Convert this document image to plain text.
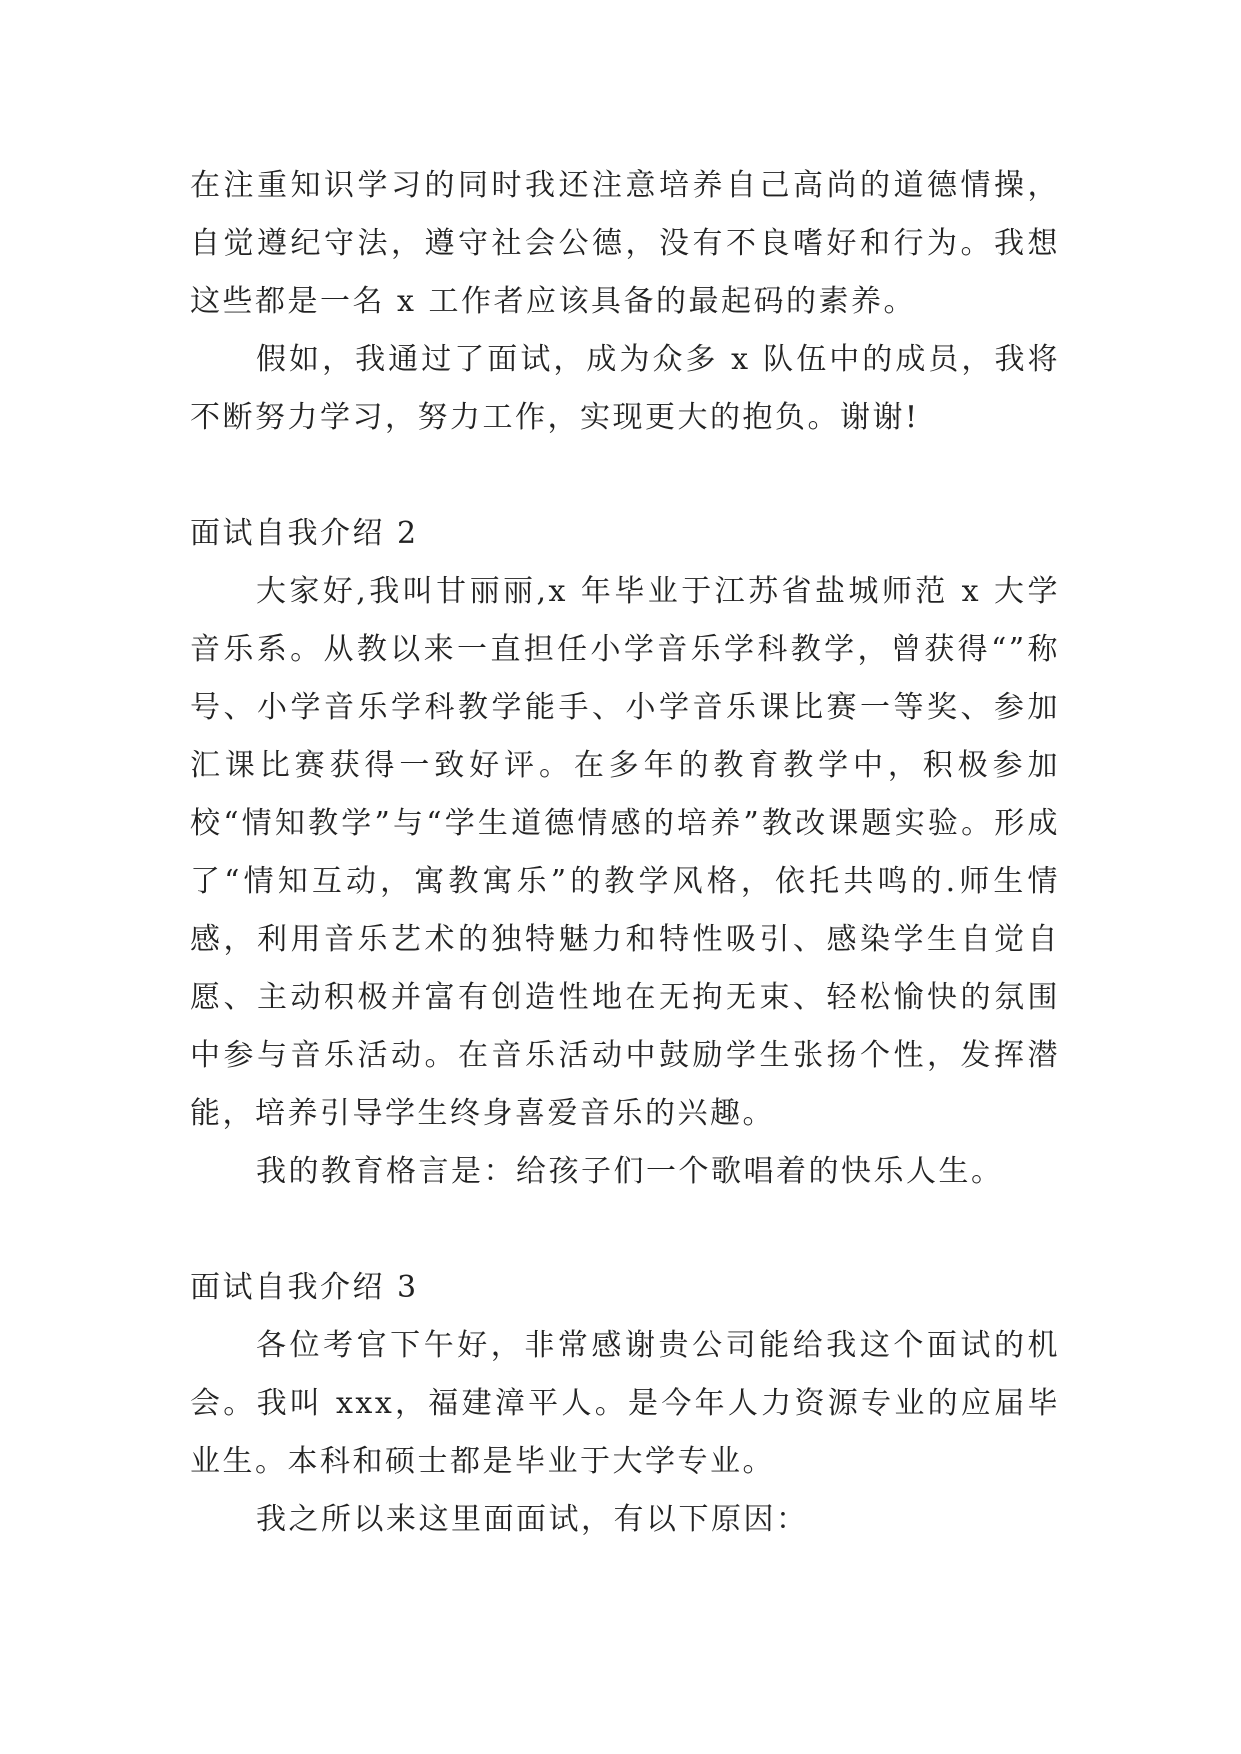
在注重知识学习的同时我还注意培养自己高尚的道德情操，自觉遵纪守法，遵守社会公德，没有不良嗜好和行为。我想这些都是一名 x 工作者应该具备的最起码的素养。

假如，我通过了面试，成为众多 x 队伍中的成员，我将不断努力学习，努力工作，实现更大的抱负。谢谢!

面试自我介绍 2

大家好,我叫甘丽丽,x 年毕业于江苏省盐城师范 x 大学音乐系。从教以来一直担任小学音乐学科教学，曾获得“”称号、小学音乐学科教学能手、小学音乐课比赛一等奖、参加汇课比赛获得一致好评。在多年的教育教学中，积极参加校“情知教学”与“学生道德情感的培养”教改课题实验。形成了“情知互动，寓教寓乐”的教学风格，依托共鸣的.师生情感，利用音乐艺术的独特魅力和特性吸引、感染学生自觉自愿、主动积极并富有创造性地在无拘无束、轻松愉快的氛围中参与音乐活动。在音乐活动中鼓励学生张扬个性，发挥潜能，培养引导学生终身喜爱音乐的兴趣。

我的教育格言是：给孩子们一个歌唱着的快乐人生。

面试自我介绍 3

各位考官下午好，非常感谢贵公司能给我这个面试的机会。我叫 xxx，福建漳平人。是今年人力资源专业的应届毕业生。本科和硕士都是毕业于大学专业。

我之所以来这里面面试，有以下原因：
